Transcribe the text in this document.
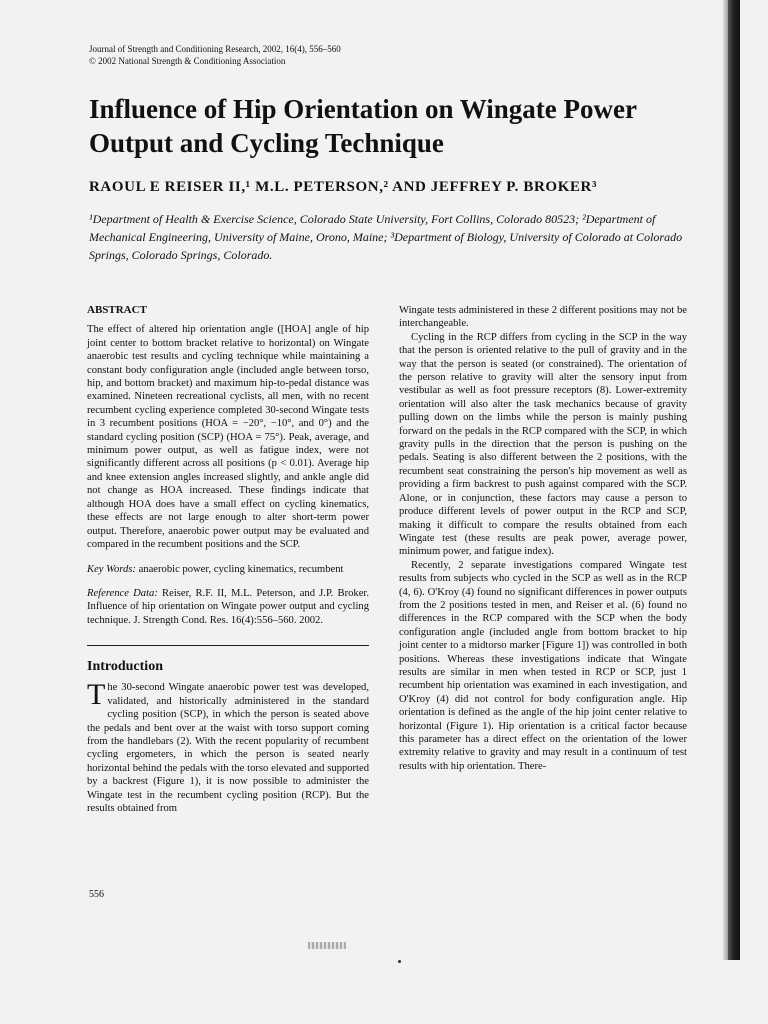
Journal of Strength and Conditioning Research, 2002, 16(4), 556–560
© 2002 National Strength & Conditioning Association
Influence of Hip Orientation on Wingate Power Output and Cycling Technique
RAOUL E REISER II,¹ M.L. PETERSON,² AND JEFFREY P. BROKER³
¹Department of Health & Exercise Science, Colorado State University, Fort Collins, Colorado 80523; ²Department of Mechanical Engineering, University of Maine, Orono, Maine; ³Department of Biology, University of Colorado at Colorado Springs, Colorado Springs, Colorado.

ABSTRACT

The effect of altered hip orientation angle ([HOA] angle of hip joint center to bottom bracket relative to horizontal) on Wingate anaerobic test results and cycling technique while maintaining a constant body configuration angle (included angle between torso, hip, and bottom bracket) and maximum hip-to-pedal distance was examined. Nineteen recreational cyclists, all men, with no recent recumbent cycling experience completed 30-second Wingate tests in 3 recumbent positions (HOA = −20°, −10°, and 0°) and the standard cycling position (SCP) (HOA = 75°). Peak, average, and minimum power output, as well as fatigue index, were not significantly different across all positions (p < 0.01). Average hip and knee extension angles increased slightly, and ankle angle did not change as HOA increased. These findings indicate that although HOA does have a small effect on cycling kinematics, these effects are not large enough to alter short-term power output. Therefore, anaerobic power output may be evaluated and compared in the recumbent positions and the SCP.

Key Words: anaerobic power, cycling kinematics, recumbent

Reference Data: Reiser, R.F. II, M.L. Peterson, and J.P. Broker. Influence of hip orientation on Wingate power output and cycling technique. J. Strength Cond. Res. 16(4):556–560. 2002.

Introduction

The 30-second Wingate anaerobic power test was developed, validated, and historically administered in the standard cycling position (SCP), in which the person is seated above the pedals and bent over at the waist with torso support coming from the handlebars (2). With the recent popularity of recumbent cycling ergometers, in which the person is seated nearly horizontal behind the pedals with the torso elevated and supported by a backrest (Figure 1), it is now possible to administer the Wingate test in the recumbent cycling position (RCP). But the results obtained from

Wingate tests administered in these 2 different positions may not be interchangeable.

Cycling in the RCP differs from cycling in the SCP in the way that the person is oriented relative to the pull of gravity and in the way that the person is seated (or constrained). The orientation of the person relative to gravity will alter the sensory input from vestibular as well as foot pressure receptors (8). Lower-extremity orientation will also alter the task mechanics because of gravity pulling down on the limbs while the person is mainly pushing forward on the pedals in the RCP compared with the SCP, in which gravity pulls in the direction that the person is pushing on the pedals. Seating is also different between the 2 positions, with the recumbent seat constraining the person's hip movement as well as providing a firm backrest to push against compared with the SCP. Alone, or in conjunction, these factors may cause a person to produce different levels of power output in the RCP and SCP, making it difficult to compare the results obtained from each Wingate test (these results are peak power, average power, minimum power, and fatigue index).

Recently, 2 separate investigations compared Wingate test results from subjects who cycled in the SCP as well as in the RCP (4, 6). O'Kroy (4) found no significant differences in power outputs from the 2 positions tested in men, and Reiser et al. (6) found no differences in the RCP compared with the SCP when the body configuration angle (included angle from bottom bracket to hip joint center to a midtorso marker [Figure 1]) was controlled in both positions. Whereas these investigations indicate that Wingate results are similar in men when tested in RCP or SCP, just 1 recumbent hip orientation was examined in each investigation, and O'Kroy (4) did not control for body configuration angle. Hip orientation is defined as the angle of the hip joint center relative to horizontal (Figure 1). Hip orientation is a critical factor because this parameter has a direct effect on the orientation of the lower extremity relative to gravity and may result in a continuum of test results with hip orientation. There-

556
